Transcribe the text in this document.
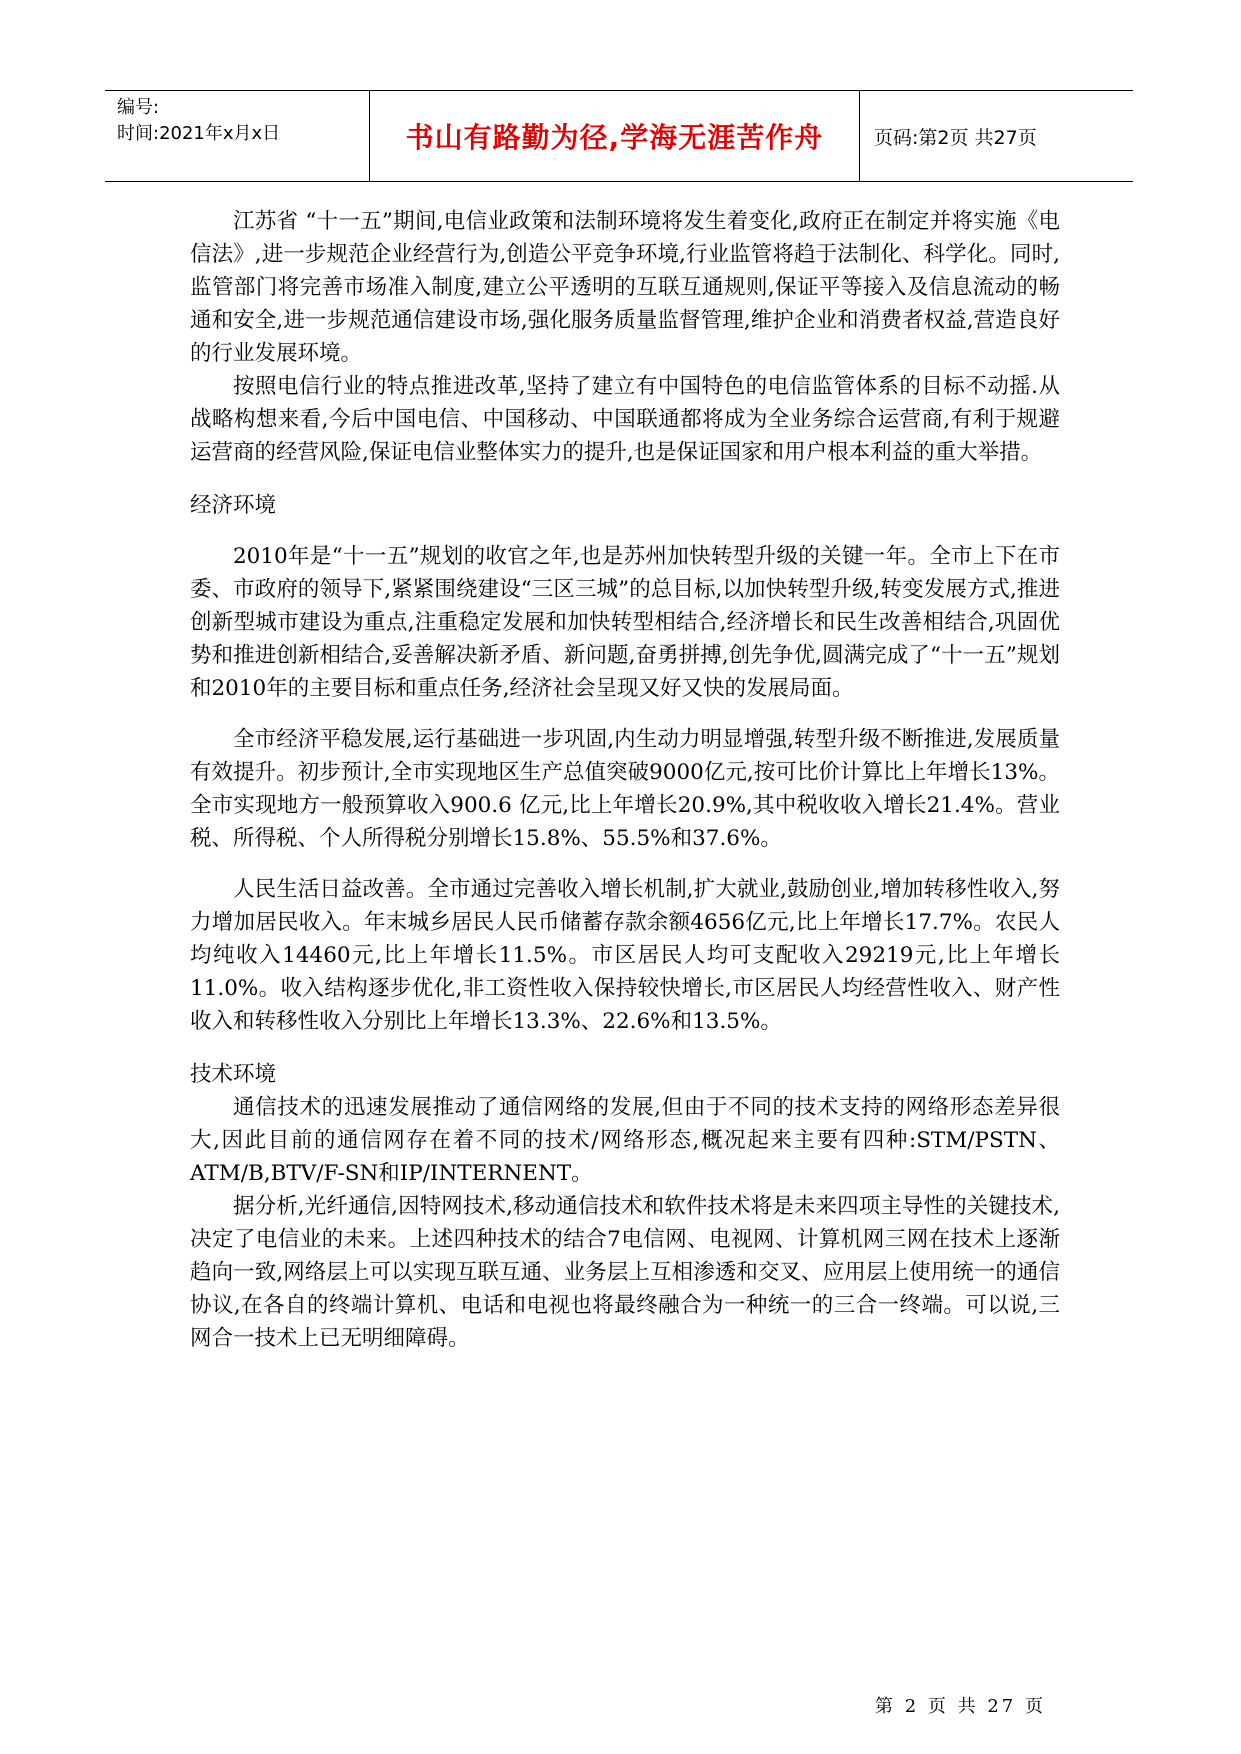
编号:
时间:2021年x月x日	书山有路勤为径,学海无涯苦作舟	页码:第2页 共27页

江苏省 “十一五”期间,电信业政策和法制环境将发生着变化,政府正在制定并将实施《电信法》,进一步规范企业经营行为,创造公平竞争环境,行业监管将趋于法制化、科学化。同时,监管部门将完善市场准入制度,建立公平透明的互联互通规则,保证平等接入及信息流动的畅通和安全,进一步规范通信建设市场,强化服务质量监督管理,维护企业和消费者权益,营造良好的行业发展环境。

按照电信行业的特点推进改革,坚持了建立有中国特色的电信监管体系的目标不动摇.从战略构想来看,今后中国电信、中国移动、中国联通都将成为全业务综合运营商,有利于规避运营商的经营风险,保证电信业整体实力的提升,也是保证国家和用户根本利益的重大举措。

经济环境

2010年是“十一五”规划的收官之年,也是苏州加快转型升级的关键一年。全市上下在市委、市政府的领导下,紧紧围绕建设“三区三城”的总目标,以加快转型升级,转变发展方式,推进创新型城市建设为重点,注重稳定发展和加快转型相结合,经济增长和民生改善相结合,巩固优势和推进创新相结合,妥善解决新矛盾、新问题,奋勇拼搏,创先争优,圆满完成了“十一五”规划和2010年的主要目标和重点任务,经济社会呈现又好又快的发展局面。

全市经济平稳发展,运行基础进一步巩固,内生动力明显增强,转型升级不断推进,发展质量有效提升。初步预计,全市实现地区生产总值突破9000亿元,按可比价计算比上年增长13%。全市实现地方一般预算收入900.6 亿元,比上年增长20.9%,其中税收收入增长21.4%。营业税、所得税、个人所得税分别增长15.8%、55.5%和37.6%。

人民生活日益改善。全市通过完善收入增长机制,扩大就业,鼓励创业,增加转移性收入,努力增加居民收入。年末城乡居民人民币储蓄存款余额4656亿元,比上年增长17.7%。农民人均纯收入14460元,比上年增长11.5%。市区居民人均可支配收入29219元,比上年增长11.0%。收入结构逐步优化,非工资性收入保持较快增长,市区居民人均经营性收入、财产性收入和转移性收入分别比上年增长13.3%、22.6%和13.5%。

技术环境

通信技术的迅速发展推动了通信网络的发展,但由于不同的技术支持的网络形态差异很大,因此目前的通信网存在着不同的技术/网络形态,概况起来主要有四种:STM/PSTN、ATM/B,BTV/F-SN和IP/INTERNENT。

据分析,光纤通信,因特网技术,移动通信技术和软件技术将是未来四项主导性的关键技术,决定了电信业的未来。上述四种技术的结合7电信网、电视网、计算机网三网在技术上逐渐趋向一致,网络层上可以实现互联互通、业务层上互相渗透和交叉、应用层上使用统一的通信协议,在各自的终端计算机、电话和电视也将最终融合为一种统一的三合一终端。可以说,三网合一技术上已无明细障碍。

第 2 页 共 27 页
